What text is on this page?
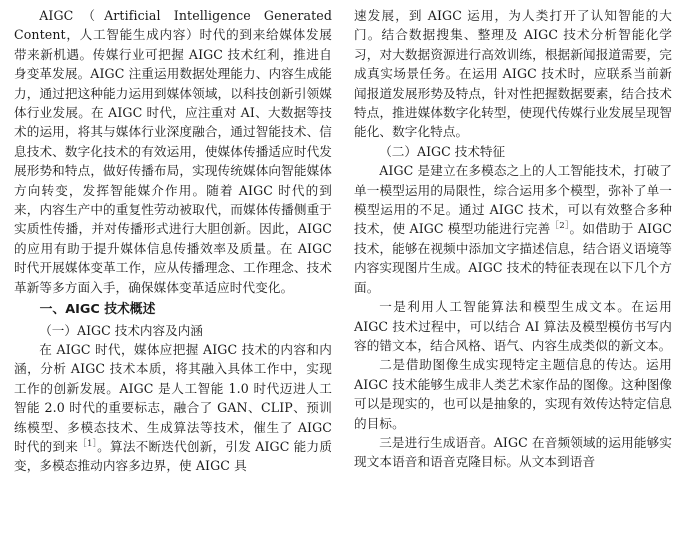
AIGC（Artificial Intelligence Generated Content，人工智能生成内容）时代的到来给媒体发展带来新机遇。传媒行业可把握 AIGC 技术红利，推进自身变革发展。AIGC 注重运用数据处理能力、内容生成能力，通过把这种能力运用到媒体领域，以科技创新引领媒体行业发展。在 AIGC 时代，应注重对 AI、大数据等技术的运用，将其与媒体行业深度融合，通过智能技术、信息技术、数字化技术的有效运用，使媒体传播适应时代发展形势和特点，做好传播布局，实现传统媒体向智能媒体方向转变，发挥智能媒介作用。随着 AIGC 时代的到来，内容生产中的重复性劳动被取代，而媒体传播侧重于实质性传播，并对传播形式进行大胆创新。因此，AIGC 的应用有助于提升媒体信息传播效率及质量。在 AIGC 时代开展媒体变革工作，应从传播理念、工作理念、技术革新等多方面入手，确保媒体变革适应时代变化。

一、AIGC 技术概述
（一）AIGC 技术内容及内涵

在 AIGC 时代，媒体应把握 AIGC 技术的内容和内涵，分析 AIGC 技术本质，将其融入具体工作中，实现工作的创新发展。AIGC 是人工智能 1.0 时代迈进人工智能 2.0 时代的重要标志，融合了 GAN、CLIP、预训练模型、多模态技术、生成算法等技术，催生了 AIGC 时代的到来$^{[1]}$。算法不断迭代创新，引发 AIGC 能力质变，多模态推动内容多边界，使 AIGC 具

速发展，到 AIGC 运用，为人类打开了认知智能的大门。结合数据搜集、整理及 AIGC 技术分析智能化学习，对大数据资源进行高效训练，根据新闻报道需要，完成真实场景任务。在运用 AIGC 技术时，应联系当前新闻报道发展形势及特点，针对性把握数据要素，结合技术特点，推进媒体数字化转型，使现代传媒行业发展呈现智能化、数字化特点。

（二）AIGC 技术特征

AIGC 是建立在多模态之上的人工智能技术，打破了单一模型运用的局限性，综合运用多个模型，弥补了单一模型运用的不足。通过 AIGC 技术，可以有效整合多种技术，使 AIGC 模型功能进行完善$^{[2]}$。如借助于 AIGC 技术，能够在视频中添加文字描述信息，结合语义语境等内容实现图片生成。AIGC 技术的特征表现在以下几个方面。

一是利用人工智能算法和模型生成文本。在运用 AIGC 技术过程中，可以结合 AI 算法及模型模仿书写内容的错文本，结合风格、语气、内容生成类似的新文本。

二是借助图像生成实现特定主题信息的传达。运用 AIGC 技术能够生成非人类艺术家作品的图像。这种图像可以是现实的，也可以是抽象的，实现有效传达特定信息的目标。

三是进行生成语音。AIGC 在音频领域的运用能够实现文本语音和语音克隆目标。从文本到语音
